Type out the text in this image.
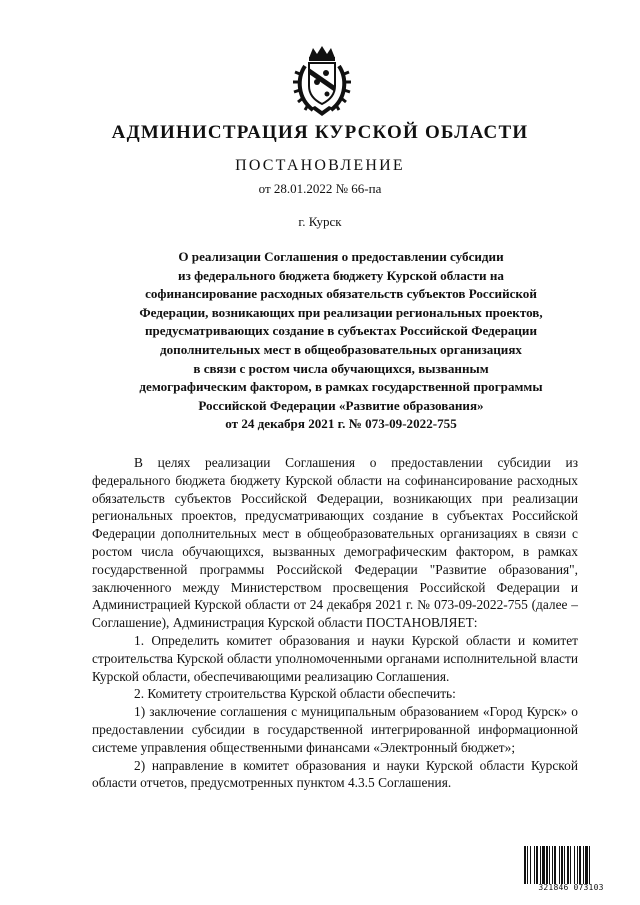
АДМИНИСТРАЦИЯ КУРСКОЙ ОБЛАСТИ
ПОСТАНОВЛЕНИЕ
от 28.01.2022 № 66-па
г. Курск
О реализации Соглашения о предоставлении субсидии
из федерального бюджета бюджету Курской области на
софинансирование расходных обязательств субъектов Российской
Федерации, возникающих при реализации региональных проектов,
предусматривающих создание в субъектах Российской Федерации
дополнительных мест в общеобразовательных организациях
в связи с ростом числа обучающихся, вызванным
демографическим фактором, в рамках государственной программы
Российской Федерации «Развитие образования»
от 24 декабря 2021 г. № 073-09-2022-755

В целях реализации Соглашения о предоставлении субсидии из федерального бюджета бюджету Курской области на софинансирование расходных обязательств субъектов Российской Федерации, возникающих при реализации региональных проектов, предусматривающих создание в субъектах Российской Федерации дополнительных мест в общеобразовательных организациях в связи с ростом числа обучающихся, вызванных демографическим фактором, в рамках государственной программы Российской Федерации "Развитие образования", заключенного между Министерством просвещения Российской Федерации и Администрацией Курской области от 24 декабря 2021 г. № 073-09-2022-755 (далее – Соглашение), Администрация Курской области ПОСТАНОВЛЯЕТ:

1. Определить комитет образования и науки Курской области и комитет строительства Курской области уполномоченными органами исполнительной власти Курской области, обеспечивающими реализацию Соглашения.

2. Комитету строительства Курской области обеспечить:

1) заключение соглашения с муниципальным образованием «Город Курск» о предоставлении субсидии в государственной интегрированной информационной системе управления общественными финансами «Электронный бюджет»;

2) направление в комитет образования и науки Курской области Курской области отчетов, предусмотренных пунктом 4.3.5 Соглашения.

321846 073103
